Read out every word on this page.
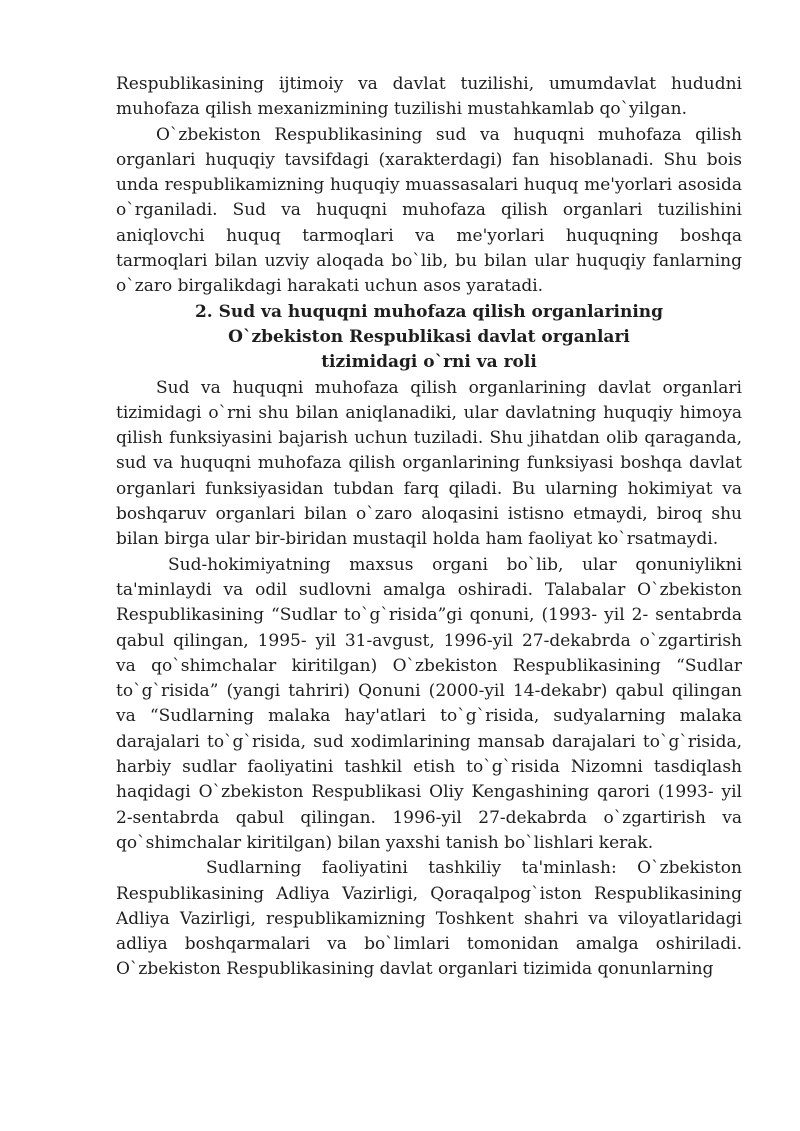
Respublikasining ijtimoiy va davlat tuzilishi, umumdavlat hududni muhofaza qilish mexanizmining tuzilishi mustahkamlab qo`yilgan.

O`zbekiston Respublikasining sud va huquqni muhofaza qilish organlari huquqiy tavsifdagi (xarakterdagi) fan hisoblanadi. Shu bois unda respublikamizning huquqiy muassasalari huquq me'yorlari asosida o`rganiladi. Sud va huquqni muhofaza qilish organlari tuzilishini aniqlovchi huquq tarmoqlari va me'yorlari huquqning boshqa tarmoqlari bilan uzviy aloqada bo`lib, bu bilan ular huquqiy fanlarning o`zaro birgalikdagi harakati uchun asos yaratadi.

2. Sud va huquqni muhofaza qilish organlarining

O`zbekiston Respublikasi davlat organlari

tizimidagi o`rni va roli

Sud va huquqni muhofaza qilish organlarining davlat organlari tizimidagi o`rni shu bilan aniqlanadiki, ular davlatning huquqiy himoya qilish funksiyasini bajarish uchun tuziladi. Shu jihatdan olib qaraganda, sud va huquqni muhofaza qilish organlarining funksiyasi boshqa davlat organlari funksiyasidan tubdan farq qiladi. Bu ularning hokimiyat va boshqaruv organlari bilan o`zaro aloqasini istisno etmaydi, biroq shu bilan birga ular bir-biridan mustaqil holda ham faoliyat ko`rsatmaydi.

Sud-hokimiyatning maxsus organi bo`lib, ular qonuniylikni ta'minlaydi va odil sudlovni amalga oshiradi. Talabalar O`zbekiston Respublikasining “Sudlar to`g`risida”gi qonuni, (1993- yil 2- sentabrda qabul qilingan, 1995- yil 31-avgust, 1996-yil 27-dekabrda o`zgartirish va qo`shimchalar kiritilgan) O`zbekiston Respublikasining “Sudlar to`g`risida” (yangi tahriri) Qonuni (2000-yil 14-dekabr) qabul qilingan va “Sudlarning malaka hay'atlari to`g`risida, sudyalarning malaka darajalari to`g`risida, sud xodimlarining mansab darajalari to`g`risida, harbiy sudlar faoliyatini tashkil etish to`g`risida Nizomni tasdiqlash haqidagi O`zbekiston Respublikasi Oliy Kengashining qarori (1993- yil 2-sentabrda qabul qilingan. 1996-yil 27-dekabrda o`zgartirish va qo`shimchalar kiritilgan) bilan yaxshi tanish bo`lishlari kerak.

Sudlarning faoliyatini tashkiliy ta'minlash: O`zbekiston Respublikasining Adliya Vazirligi, Qoraqalpog`iston Respublikasining Adliya Vazirligi, respublikamizning Toshkent shahri va viloyatlaridagi adliya boshqarmalari va bo`limlari tomonidan amalga oshiriladi. O`zbekiston Respublikasining davlat organlari tizimida qonunlarning
